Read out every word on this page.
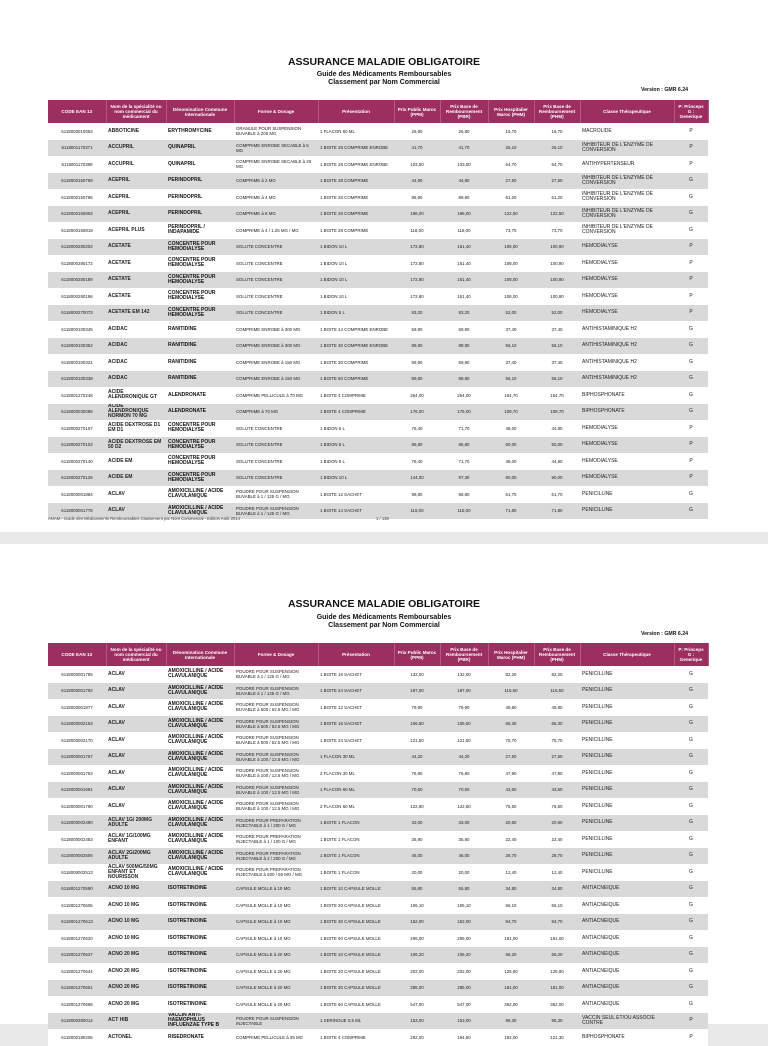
ASSURANCE MALADIE OBLIGATOIRE
Guide des Médicaments Remboursables
Classement par Nom Commercial
Version : GMR 6.24
CODE EAN 13	Nom de la spécialité ou nom commercial du médicament	Dénomination Commune Internationale	Forme & Dosage	Présentation	Prix Public Maroc (PPM)	Prix Base de Remboursement (PBR)	Prix Hospitalier Maroc (PHM)	Prix Base de Remboursement (PHM)	Classe Thérapeutique	P: Princeps G : Generique
6118000010053	ABBOTICINE	ERYTHROMYCINE	GRANULE POUR SUSPENSION BUVABLE à 200 MG	1 FLACON 60 ML	26,80	26,80	16,70	16,70	MACROLIDE	P
6118001170371	ACCUPRIL	QUINAPRIL	COMPRIME ENROBE SECABLE à 5 MG	1 BOITE 28 COMPRIME ENROBE	41,70	41,70	26,10	26,10	INHIBITEUR DE L'ENZYME DE CONVERSION	P
6118001170388	ACCUPRIL	QUINAPRIL	COMPRIME ENROBE SECABLE à 20 MG	1 BOITE 28 COMPRIME ENROBE	103,50	103,50	64,70	64,70	ANTIHYPERTENSEUR	P
6118000150789	ACEPRIL	PERINDOPRIL	COMPRIME à 2 MG	1 BOITE 28 COMPRIME	44,90	44,90	27,50	27,50	INHIBITEUR DE L'ENZYME DE CONVERSION	G
6118000150796	ACEPRIL	PERINDOPRIL	COMPRIME à 4 MG	1 BOITE 28 COMPRIME	98,90	98,90	61,20	61,20	INHIBITEUR DE L'ENZYME DE CONVERSION	G
6118000150802	ACEPRIL	PERINDOPRIL	COMPRIME à 8 MG	1 BOITE 28 COMPRIME	196,00	196,00	122,50	122,50	INHIBITEUR DE L'ENZYME DE CONVERSION	G
6118000150819	ACEPRIL PLUS	PERINDOPRIL / INDAPAMIDE	COMPRIME à 4 / 1.25 MG / MG	1 BOITE 28 COMPRIME	118,00	118,00	73,70	73,70	INHIBITEUR DE L'ENZYME DE CONVERSION	G
6118000280202	ACETATE	CONCENTRE POUR HEMODIALYSE	SOLUTE CONCENTRE	1 BIDON 10 L	172,80	161,40	108,00	100,90	HEMODIALYSE	P
6118000280172	ACETATE	CONCENTRE POUR HEMODIALYSE	SOLUTE CONCENTRE	1 BIDON 10 L	172,80	161,40	108,00	100,90	HEMODIALYSE	P
6118000280189	ACETATE	CONCENTRE POUR HEMODIALYSE	SOLUTE CONCENTRE	1 BIDON 10 L	172,80	161,40	108,00	100,90	HEMODIALYSE	P
6118000280196	ACETATE	CONCENTRE POUR HEMODIALYSE	SOLUTE CONCENTRE	1 BIDON 10 L	172,80	161,40	108,00	100,90	HEMODIALYSE	P
6118000270073	ACETATE EM 142	CONCENTRE POUR HEMODIALYSE	SOLUTE CONCENTRE	1 BIDON 5 L	83,20	83,20	52,00	52,00	HEMODIALYSE	P
6118000100345	ACIDAC	RANITIDINE	COMPRIME ENROBE à 300 MG	1 BOITE 14 COMPRIME ENROBE	59,90	59,90	37,40	37,40	ANTIHISTAMINIQUE H2	G
6118000100352	ACIDAC	RANITIDINE	COMPRIME ENROBE à 300 MG	1 BOITE 30 COMPRIME ENROBE	89,80	89,80	56,10	56,10	ANTIHISTAMINIQUE H2	G
6118000100321	ACIDAC	RANITIDINE	COMPRIME ENROBE à 150 MG	1 BOITE 30 COMPRIME	59,90	59,90	37,40	37,40	ANTIHISTAMINIQUE H2	G
6118000100338	ACIDAC	RANITIDINE	COMPRIME ENROBE à 150 MG	1 BOITE 60 COMPRIME	89,80	89,80	56,10	56,10	ANTIHISTAMINIQUE H2	G
6118001270248	ACIDE ALENDRONIQUE GT	ALENDRONATE	COMPRIME PELLICULE à 70 MG	1 BOITE 4 COMPRIME	264,00	264,00	164,70	164,70	BIPHOSPHONATE	G
6118000030086	ACIDE ALENDRONIQUE NORMON 70 MG	ALENDRONATE	COMPRIME à 70 MG	1 BOITE 4 COMPRIME	176,00	176,00	109,70	109,70	BIPHOSPHONATE	G
6118000270157	ACIDE DEXTROSE D1 EM D1	CONCENTRE POUR HEMODIALYSE	SOLUTE CONCENTRE	1 BIDON 5 L	76,40	71,70	48,00	44,80	HEMODIALYSE	P
6118000270102	ACIDE DEXTROSE EM 50 D2	CONCENTRE POUR HEMODIALYSE	SOLUTE CONCENTRE	1 BIDON 5 L	86,80	86,80	50,00	50,00	HEMODIALYSE	P
6118000270140	ACIDE EM	CONCENTRE POUR HEMODIALYSE	SOLUTE CONCENTRE	1 BIDON 5 L	76,40	71,70	48,00	44,80	HEMODIALYSE	P
6118000270126	ACIDE EM	CONCENTRE POUR HEMODIALYSE	SOLUTE CONCENTRE	1 BIDON 10 L	144,00	97,30	90,00	90,00	HEMODIALYSE	P
6118000001884	ACLAV	AMOXICILLINE / ACIDE CLAVULANIQUE	POUDRE POUR SUSPENSION BUVABLE à 1 / 125 G / MG	1 BOITE 12 SACHET	98,80	98,80	61,70	61,70	PENICILLINE	G
6118000001778	ACLAV	AMOXICILLINE / ACIDE CLAVULANIQUE	POUDRE POUR SUSPENSION BUVABLE à 1 / 125 G / MG	1 BOITE 14 SACHET	115,00	115,00	71,80	71,80	PENICILLINE	G
ANAM - Guide des Médicaments Remboursables Classement par Nom Commercial - Edition Août 2014	1 / 138
ASSURANCE MALADIE OBLIGATOIRE
Guide des Médicaments Remboursables
Classement par Nom Commercial
Version : GMR 6.24
CODE EAN 13	Nom de la spécialité ou nom commercial du médicament	Dénomination Commune Internationale	Forme & Dosage	Présentation	Prix Public Maroc (PPM)	Prix Base de Remboursement (PBR)	Prix Hospitalier Maroc (PHM)	Prix Base de Remboursement (PHM)	Classe Thérapeutique	P: Princeps G : Generique
6118000001785	ACLAV	AMOXICILLINE / ACIDE CLAVULANIQUE	POUDRE POUR SUSPENSION BUVABLE à 1 / 125 G / MG	1 BOITE 16 SACHET	132,00	132,00	82,20	82,20	PENICILLINE	G
6118000001792	ACLAV	AMOXICILLINE / ACIDE CLAVULANIQUE	POUDRE POUR SUSPENSION BUVABLE à 1 / 125 G / MG	1 BOITE 24 SACHET	187,00	187,00	116,50	116,50	PENICILLINE	G
6118000001877	ACLAV	AMOXICILLINE / ACIDE CLAVULANIQUE	POUDRE POUR SUSPENSION BUVABLE à 500 / 62.5 MG / MG	1 BOITE 12 SACHET	79,90	79,90	49,80	49,80	PENICILLINE	G
6118000002163	ACLAV	AMOXICILLINE / ACIDE CLAVULANIQUE	POUDRE POUR SUSPENSION BUVABLE à 500 / 62.5 MG / MG	1 BOITE 16 SACHET	106,50	106,50	66,30	66,30	PENICILLINE	G
6118000002170	ACLAV	AMOXICILLINE / ACIDE CLAVULANIQUE	POUDRE POUR SUSPENSION BUVABLE à 500 / 62.5 MG / MG	1 BOITE 24 SACHET	121,50	121,50	75,70	75,70	PENICILLINE	G
6118000001767	ACLAV	AMOXICILLINE / ACIDE CLAVULANIQUE	POUDRE POUR SUSPENSION BUVABLE à 100 / 12.5 MG / MG	1 FLACON 30 ML	44,20	44,20	27,50	27,50	PENICILLINE	G
6118000001763	ACLAV	AMOXICILLINE / ACIDE CLAVULANIQUE	POUDRE POUR SUSPENSION BUVABLE à 100 / 12.5 MG / MG	2 FLACON 30 ML	76,80	76,80	47,90	47,90	PENICILLINE	G
6118000001691	ACLAV	AMOXICILLINE / ACIDE CLAVULANIQUE	POUDRE POUR SUSPENSION BUVABLE à 100 / 12.5 MG / MG	1 FLACON 60 ML	70,50	70,50	43,60	43,60	PENICILLINE	G
6118000001790	ACLAV	AMOXICILLINE / ACIDE CLAVULANIQUE	POUDRE POUR SUSPENSION BUVABLE à 100 / 12.5 MG / MG	2 FLACON 60 ML	122,80	122,80	76,50	76,50	PENICILLINE	G
6118000002490	ACLAV 1G/ 200MG ADULTE	AMOXICILLINE / ACIDE CLAVULANIQUE	POUDRE POUR PREPARATION INJECTABLE à 1 / 200 G / MG	1 BOITE 1 FLACON	33,00	33,00	20,60	20,60	PENICILLINE	G
6118000002483	ACLAV 1G/100MG ENFANT	AMOXICILLINE / ACIDE CLAVULANIQUE	POUDRE POUR PREPARATION INJECTABLE à 1 / 100 G / MG	1 BOITE 1 FLACON	35,90	35,90	22,40	22,40	PENICILLINE	G
6118000002506	ACLAV 2G/200MG ADULTE	AMOXICILLINE / ACIDE CLAVULANIQUE	POUDRE POUR PREPARATION INJECTABLE à 2 / 200 G / MG	1 BOITE 1 FLACON	46,00	46,00	28,70	28,70	PENICILLINE	G
6118000002513	ACLAV 500MG/50MG ENFANT ET NOURISSON	AMOXICILLINE / ACIDE CLAVULANIQUE	POUDRE POUR PREPARATION INJECTABLE à 500 / 50 MG / MG	1 BOITE 1 FLACON	20,00	20,00	12,40	12,40	PENICILLINE	G
6118001270590	ACNO 10 MG	ISOTRETINOINE	CAPSULE MOLLE à 10 MG	1 BOITE 10 CAPSULE MOLLE	55,80	55,80	34,80	34,80	ANTIACNEIQUE	G
6118001270606	ACNO 10 MG	ISOTRETINOINE	CAPSULE MOLLE à 10 MG	1 BOITE 20 CAPSULE MOLLE	106,10	106,10	66,10	66,10	ANTIACNEIQUE	G
6118001270613	ACNO 10 MG	ISOTRETINOINE	CAPSULE MOLLE à 10 MG	1 BOITE 30 CAPSULE MOLLE	152,00	152,00	94,70	94,70	ANTIACNEIQUE	G
6118001270620	ACNO 10 MG	ISOTRETINOINE	CAPSULE MOLLE à 10 MG	1 BOITE 60 CAPSULE MOLLE	295,00	295,00	191,00	191,00	ANTIACNEIQUE	G
6118001270637	ACNO 20 MG	ISOTRETINOINE	CAPSULE MOLLE à 20 MG	1 BOITE 10 CAPSULE MOLLE	106,20	106,20	66,20	66,20	ANTIACNEIQUE	G
6118001270644	ACNO 20 MG	ISOTRETINOINE	CAPSULE MOLLE à 20 MG	1 BOITE 20 CAPSULE MOLLE	202,00	202,00	125,90	125,90	ANTIACNEIQUE	G
6118001270651	ACNO 20 MG	ISOTRETINOINE	CAPSULE MOLLE à 20 MG	1 BOITE 30 CAPSULE MOLLE	285,00	285,00	181,00	181,00	ANTIACNEIQUE	G
6118001270668	ACNO 20 MG	ISOTRETINOINE	CAPSULE MOLLE à 20 MG	1 BOITE 60 CAPSULE MOLLE	547,00	547,00	362,00	362,00	ANTIACNEIQUE	G
6118000380014	ACT HIB	VACCIN ANTI-HAEMOPHILUS INFLUENZAE TYPE B	POUDRE POUR SUSPENSION INJECTABLE	1 SERINGUE 0,5 ML	153,00	153,00	95,30	95,30	VACCIN SEUL ET/OU ASSOCIE CONTRE	P
6118000180205	ACTONEL	RISEDRONATE	COMPRIME PELLICULE à 35 MG	1 BOITE 4 COMPRIME	292,00	194,50	182,00	121,30	BIPHOSPHONATE	P
